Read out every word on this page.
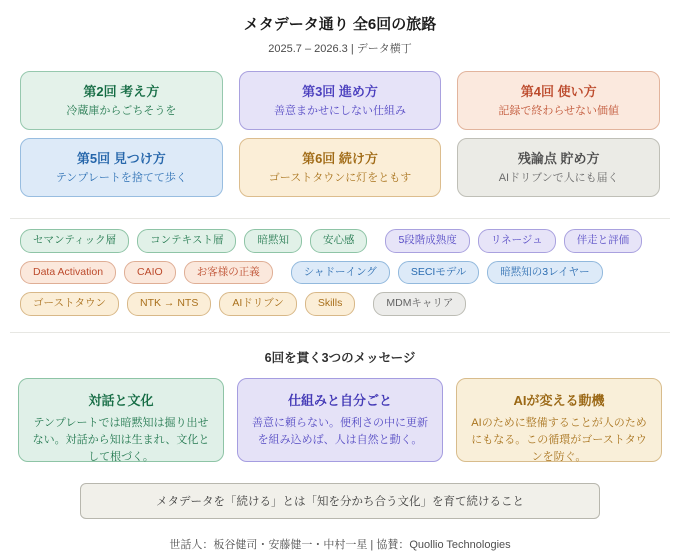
メタデータ通り 全6回の旅路
2025.7 – 2026.3 | データ横丁
第2回 考え方
冷蔵庫からごちそうを
第3回 進め方
善意まかせにしない仕組み
第4回 使い方
記録で終わらせない価値
第5回 見つけ方
テンプレートを捨てて歩く
第6回 続け方
ゴーストタウンに灯をともす
残論点 貯め方
AIドリブンで人にも届く
セマンティック層	コンテキスト層	暗黙知	安心感	5段階成熟度	リネージュ	伴走と評価
Data Activation	CAIO	お客様の正義	シャドーイング	SECIモデル	暗黙知の3レイヤー
ゴーストタウン	NTK → NTS	AIドリブン	Skills	MDMキャリア
6回を貫く3つのメッセージ
対話と文化
テンプレートでは暗黙知は掘り出せない。対話から知は生まれ、文化として根づく。
仕組みと自分ごと
善意に頼らない。便利さの中に更新を組み込めば、人は自然と動く。
AIが変える動機
AIのために整備することが人のためにもなる。この循環がゴーストタウンを防ぐ。
メタデータを「続ける」とは「知を分かち合う文化」を育て続けること
世話人：板谷健司・安藤健一・中村一星 | 協賛：Quollio Technologies
